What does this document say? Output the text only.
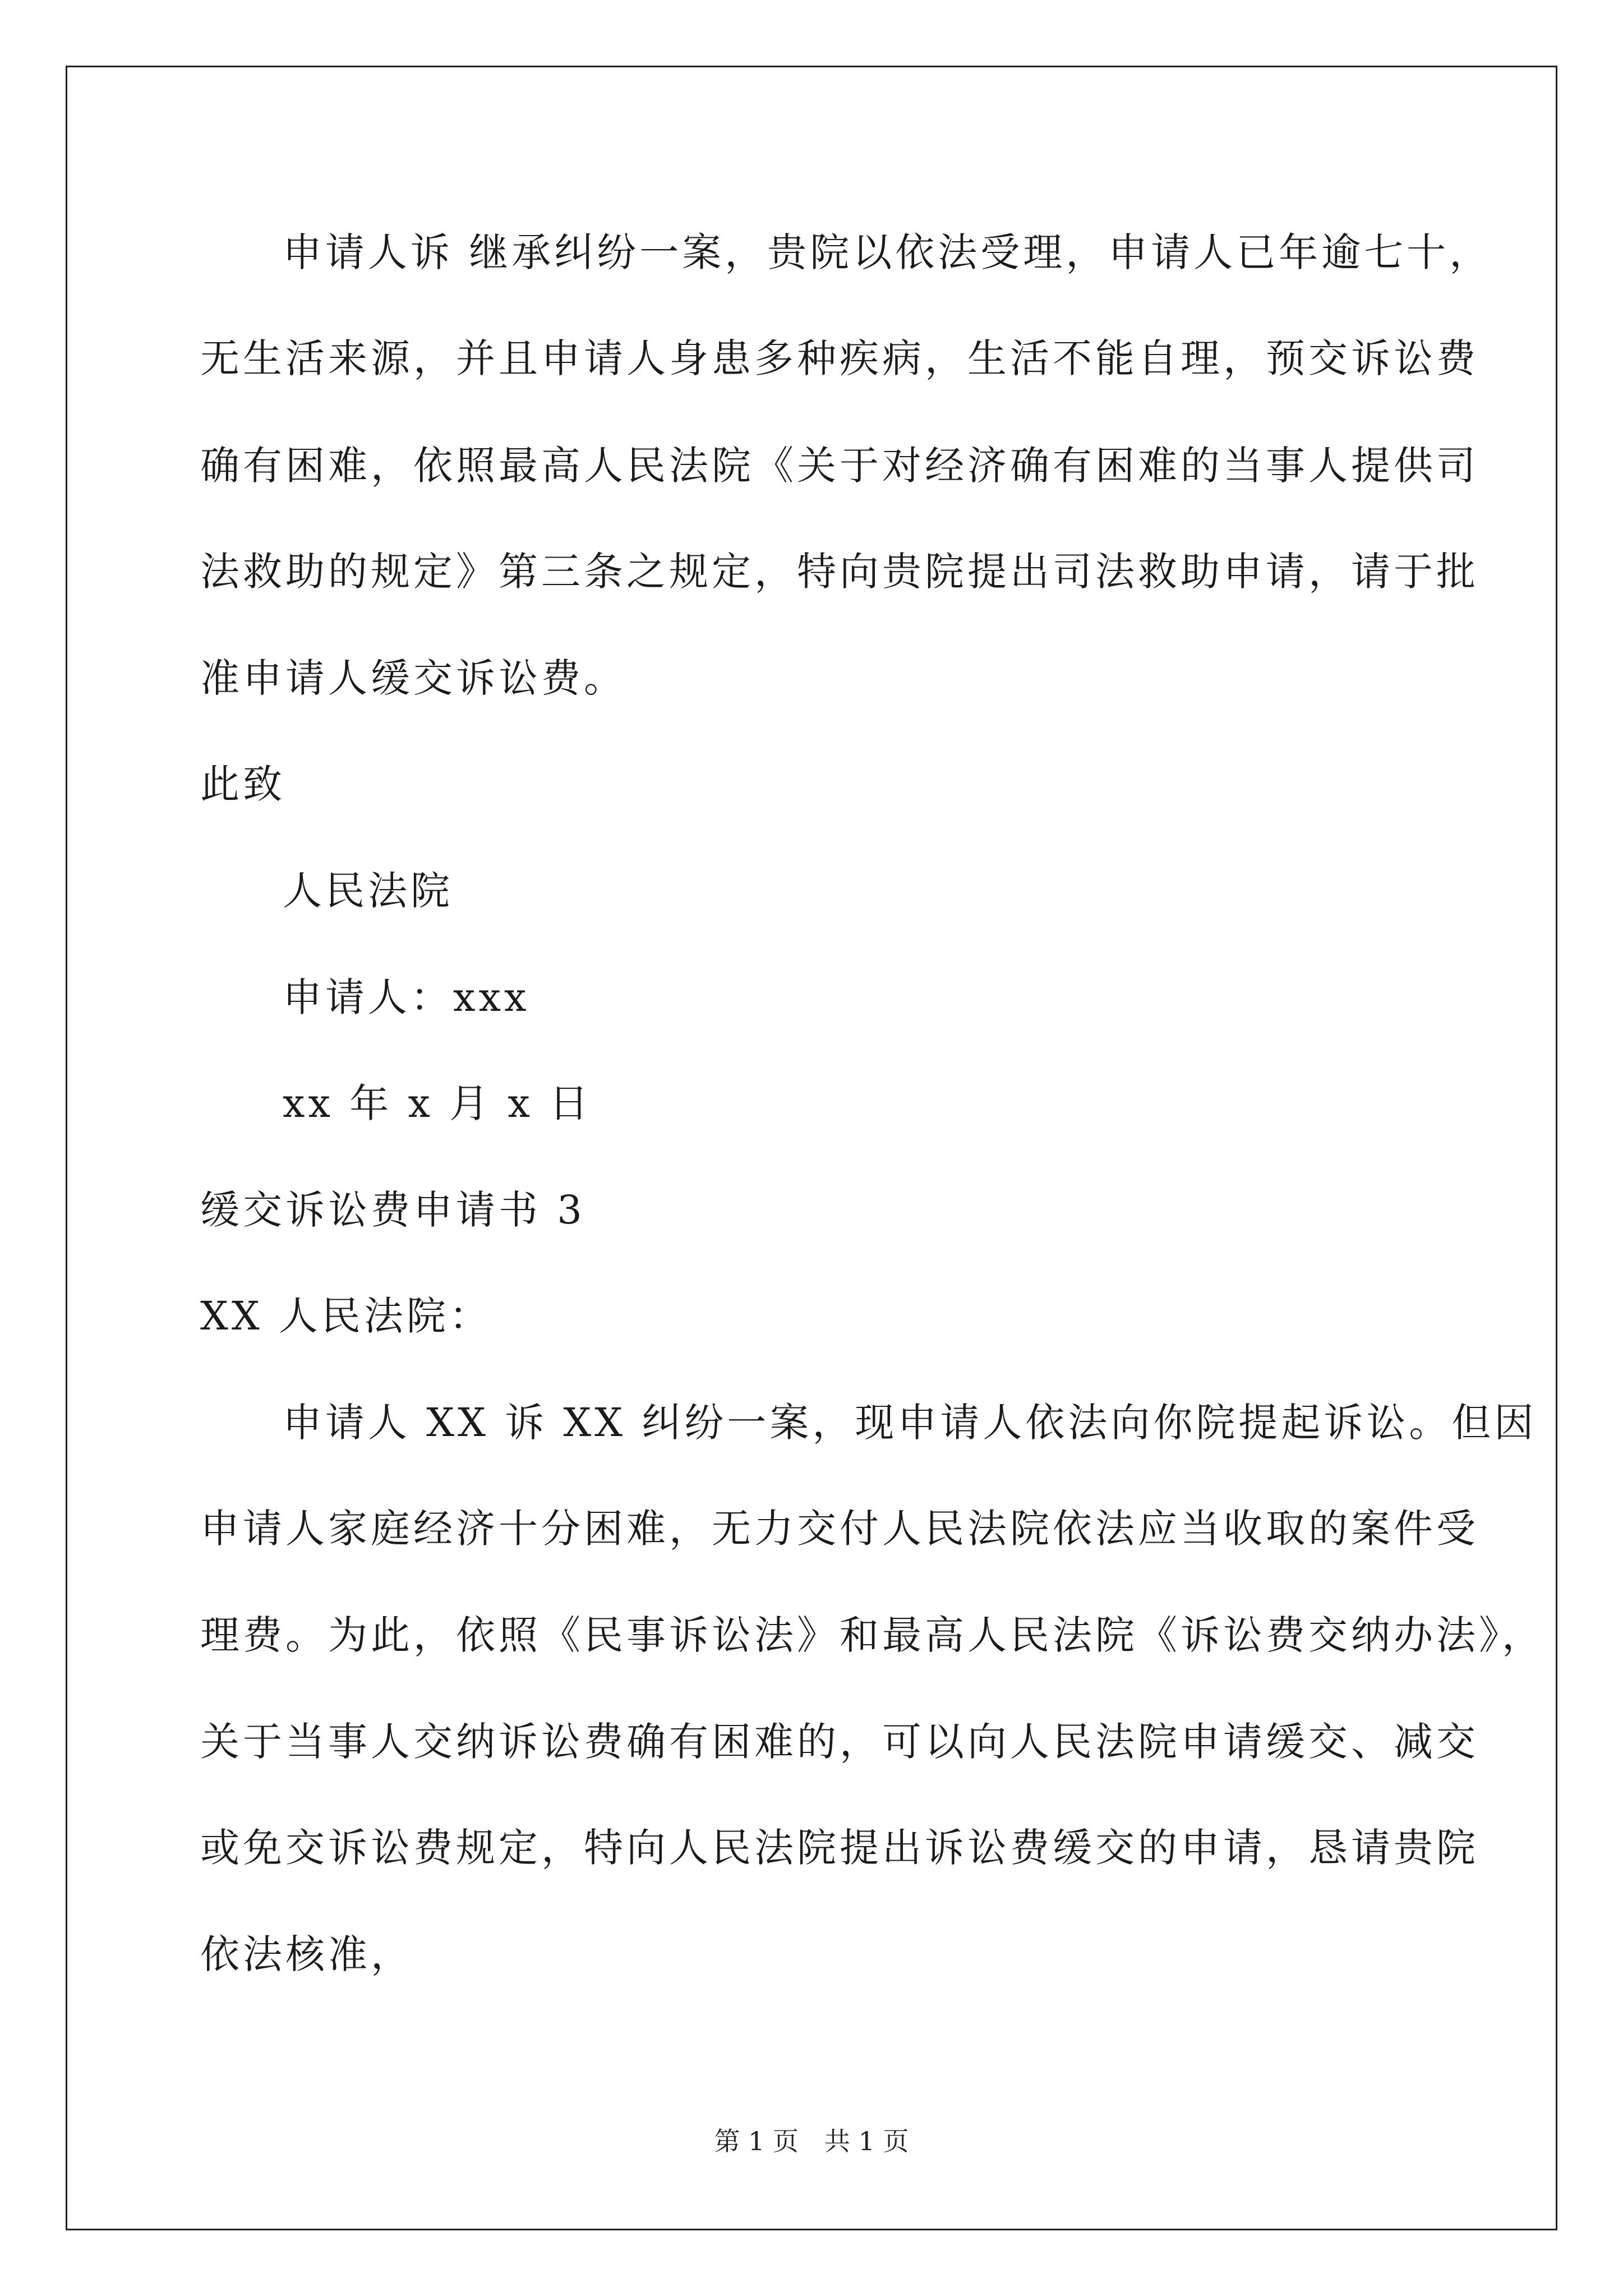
申请人诉 继承纠纷一案，贵院以依法受理，申请人已年逾七十，
无生活来源，并且申请人身患多种疾病，生活不能自理，预交诉讼费
确有困难，依照最高人民法院《关于对经济确有困难的当事人提供司
法救助的规定》第三条之规定，特向贵院提出司法救助申请，请于批
准申请人缓交诉讼费。
此致
人民法院
申请人：xxx
xx 年 x 月 x 日
缓交诉讼费申请书 3
XX 人民法院：
申请人 XX 诉 XX 纠纷一案，现申请人依法向你院提起诉讼。但因
申请人家庭经济十分困难，无力交付人民法院依法应当收取的案件受
理费。为此，依照《民事诉讼法》和最高人民法院《诉讼费交纳办法》，
关于当事人交纳诉讼费确有困难的，可以向人民法院申请缓交、减交
或免交诉讼费规定，特向人民法院提出诉讼费缓交的申请，恳请贵院
依法核准，
第 1 页　共 1 页
